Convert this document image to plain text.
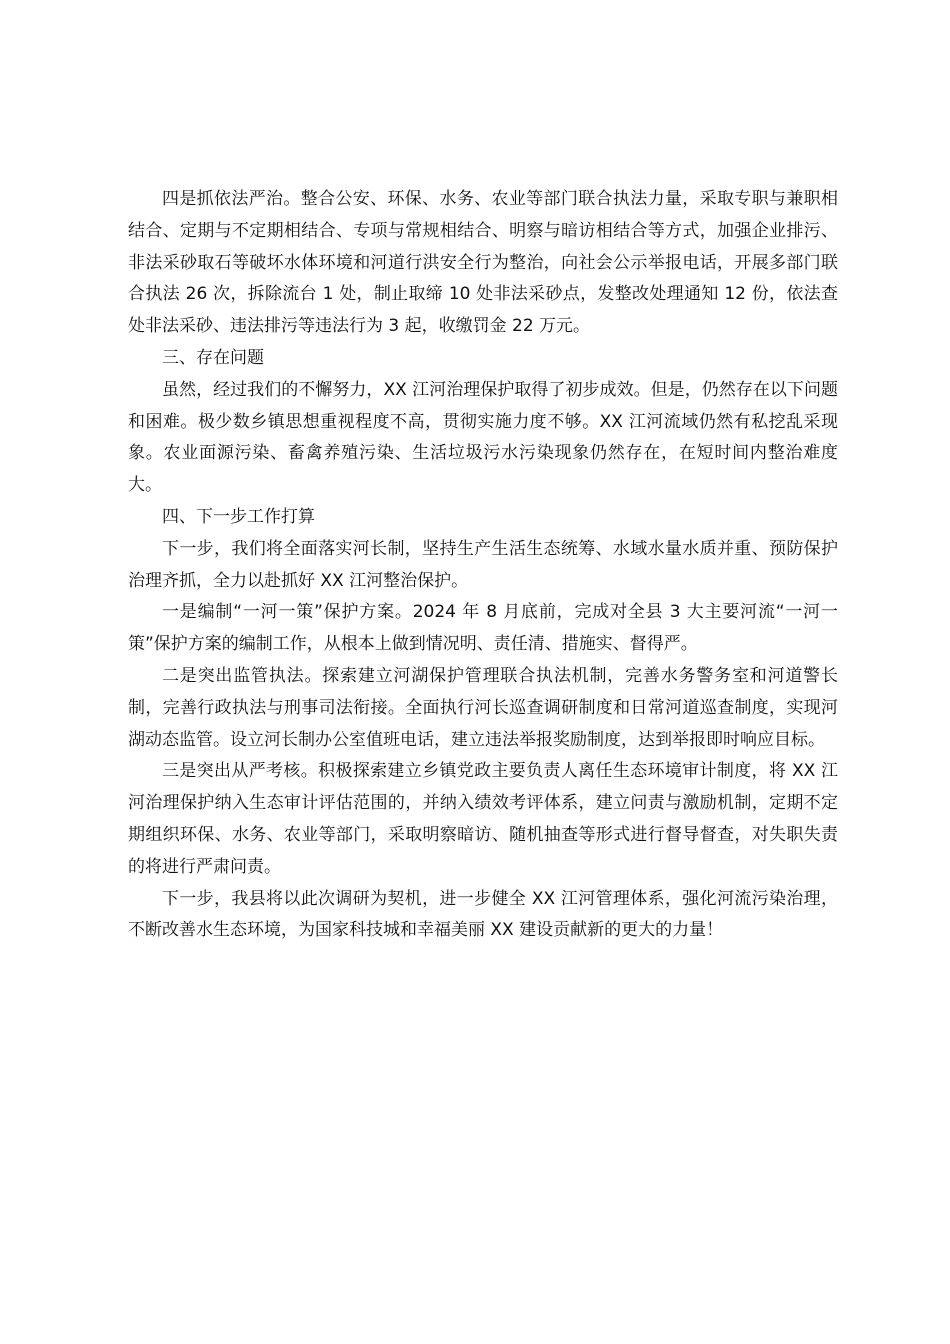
四是抓依法严治。整合公安、环保、水务、农业等部门联合执法力量，采取专职与兼职相结合、定期与不定期相结合、专项与常规相结合、明察与暗访相结合等方式，加强企业排污、非法采砂取石等破坏水体环境和河道行洪安全行为整治，向社会公示举报电话，开展多部门联合执法 26 次，拆除流台 1 处，制止取缔 10 处非法采砂点，发整改处理通知 12 份，依法查处非法采砂、违法排污等违法行为 3 起，收缴罚金 22 万元。

三、存在问题

虽然，经过我们的不懈努力，XX 江河治理保护取得了初步成效。但是，仍然存在以下问题和困难。极少数乡镇思想重视程度不高，贯彻实施力度不够。XX 江河流域仍然有私挖乱采现象。农业面源污染、畜禽养殖污染、生活垃圾污水污染现象仍然存在，在短时间内整治难度大。

四、下一步工作打算

下一步，我们将全面落实河长制，坚持生产生活生态统筹、水域水量水质并重、预防保护治理齐抓，全力以赴抓好 XX 江河整治保护。

一是编制“一河一策”保护方案。2024 年 8 月底前，完成对全县 3 大主要河流“一河一策”保护方案的编制工作，从根本上做到情况明、责任清、措施实、督得严。

二是突出监管执法。探索建立河湖保护管理联合执法机制，完善水务警务室和河道警长制，完善行政执法与刑事司法衔接。全面执行河长巡查调研制度和日常河道巡查制度，实现河湖动态监管。设立河长制办公室值班电话，建立违法举报奖励制度，达到举报即时响应目标。

三是突出从严考核。积极探索建立乡镇党政主要负责人离任生态环境审计制度，将 XX 江河治理保护纳入生态审计评估范围的，并纳入绩效考评体系，建立问责与激励机制，定期不定期组织环保、水务、农业等部门，采取明察暗访、随机抽查等形式进行督导督查，对失职失责的将进行严肃问责。

下一步，我县将以此次调研为契机，进一步健全 XX 江河管理体系，强化河流污染治理，不断改善水生态环境，为国家科技城和幸福美丽 XX 建设贡献新的更大的力量！
